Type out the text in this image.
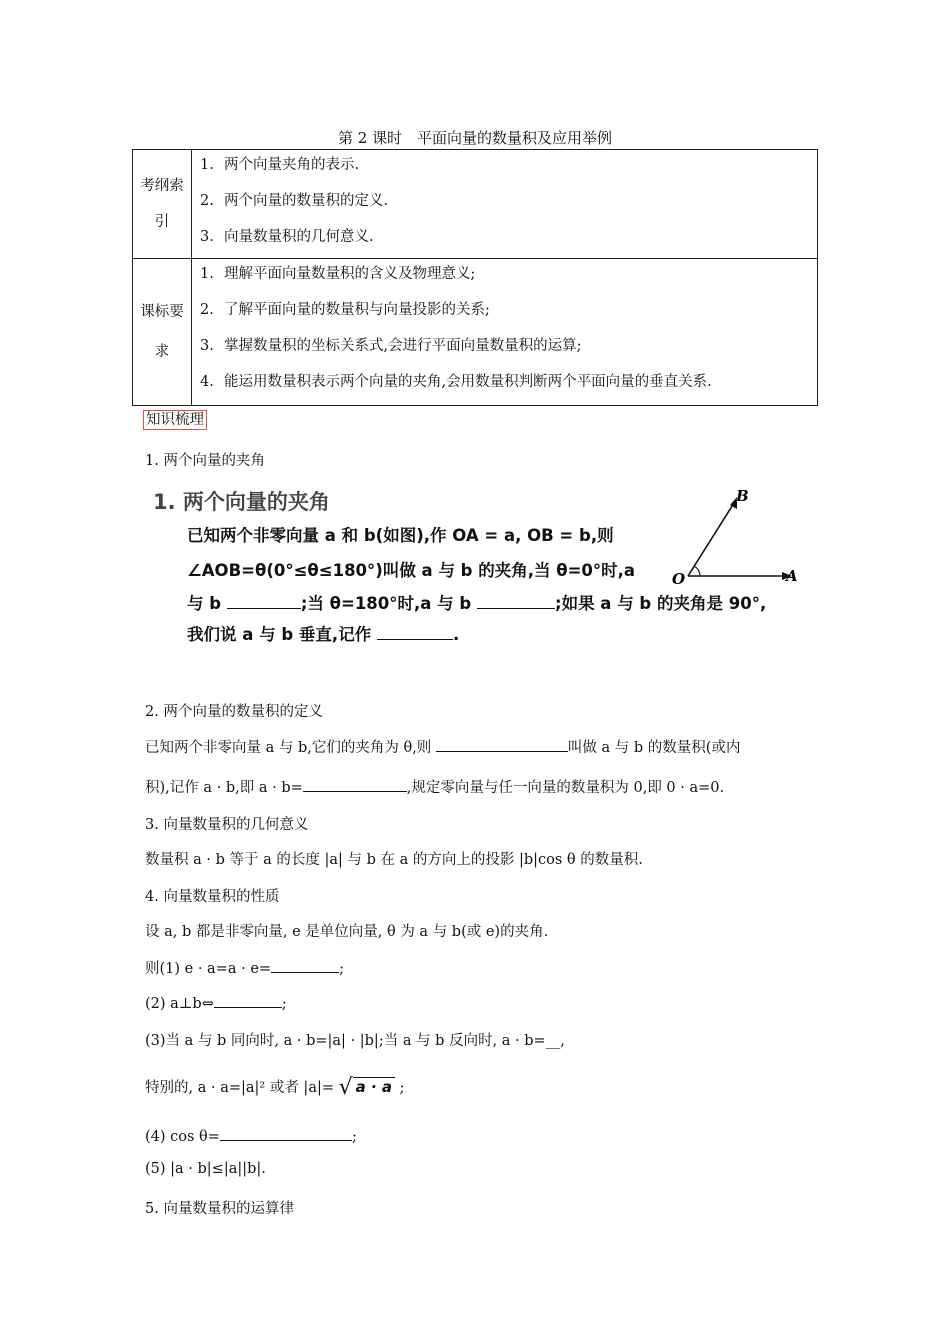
第 2 课时　平面向量的数量积及应用举例
考纲索引	1. 两个向量夹角的表示.
2. 两个向量的数量积的定义.
3. 向量数量积的几何意义.

课标要求	1. 理解平面向量数量积的含义及物理意义;
2. 了解平面向量的数量积与向量投影的关系;
3. 掌握数量积的坐标关系式,会进行平面向量数量积的运算;
4. 能运用数量积表示两个向量的夹角,会用数量积判断两个平面向量的垂直关系.
知识梳理
1. 两个向量的夹角
1. 两个向量的夹角
已知两个非零向量 a 和 b(如图),作 OA = a, OB = b,则
∠AOB=θ(0°≤θ≤180°)叫做 a 与 b 的夹角,当 θ=0°时,a
与 b	;当 θ=180°时,a 与 b	;如果 a 与 b 的夹角是 90°,
我们说 a 与 b 垂直,记作	.
B
O	A
2. 两个向量的数量积的定义
已知两个非零向量 a 与 b,它们的夹角为 θ,则	叫做 a 与 b 的数量积(或内
积),记作 a · b,即 a · b=	,规定零向量与任一向量的数量积为 0,即 0 · a=0.
3. 向量数量积的几何意义
数量积 a · b 等于 a 的长度 |a| 与 b 在 a 的方向上的投影 |b|cos θ 的数量积.
4. 向量数量积的性质
设 a, b 都是非零向量, e 是单位向量, θ 为 a 与 b(或 e)的夹角.
则(1) e · a=a · e=	;
(2) a⊥b⇔	;
(3)当 a 与 b 同向时, a · b=|a| · |b|;当 a 与 b 反向时, a · b=__,
特别的, a · a=|a|² 或者 |a|= √ a · a ;
(4) cos θ=	;
(5) |a · b|≤|a||b|.
5. 向量数量积的运算律
